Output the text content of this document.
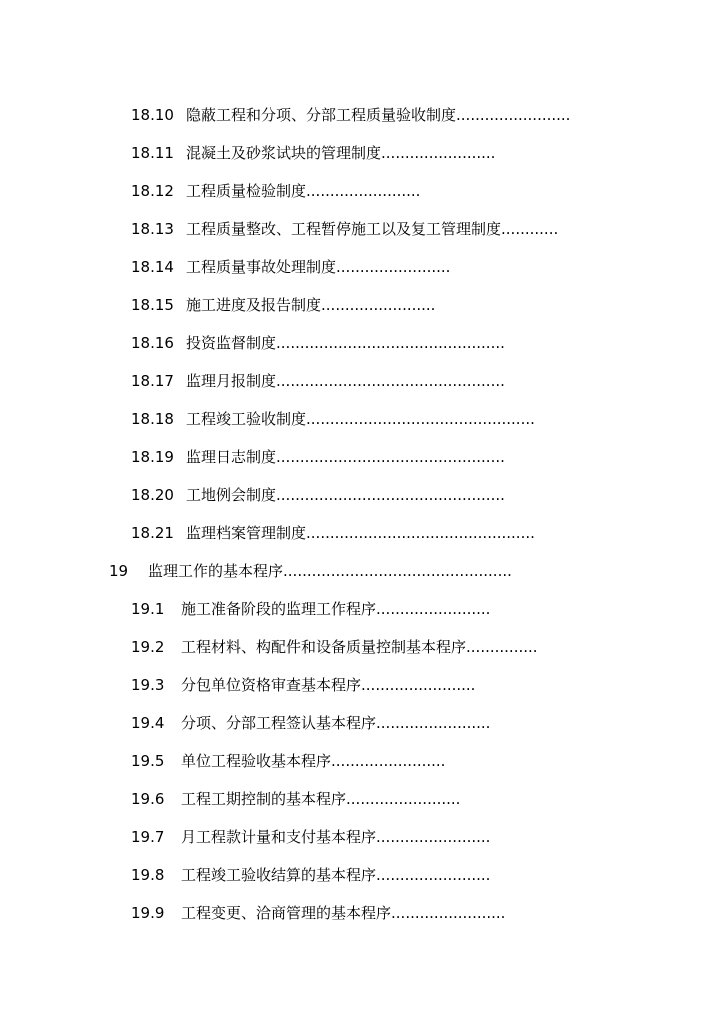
18.10 隐蔽工程和分项、分部工程质量验收制度........................
18.11 混凝土及砂浆试块的管理制度........................
18.12 工程质量检验制度........................
18.13 工程质量整改、工程暂停施工以及复工管理制度............
18.14 工程质量事故处理制度........................
18.15 施工进度及报告制度........................
18.16 投资监督制度................................................
18.17 监理月报制度................................................
18.18 工程竣工验收制度................................................
18.19 监理日志制度................................................
18.20 工地例会制度................................................
18.21 监理档案管理制度................................................
19 监理工作的基本程序................................................
19.1 施工准备阶段的监理工作程序........................
19.2 工程材料、构配件和设备质量控制基本程序...............
19.3 分包单位资格审查基本程序........................
19.4 分项、分部工程签认基本程序........................
19.5 单位工程验收基本程序........................
19.6 工程工期控制的基本程序........................
19.7 月工程款计量和支付基本程序........................
19.8 工程竣工验收结算的基本程序........................
19.9 工程变更、洽商管理的基本程序........................
